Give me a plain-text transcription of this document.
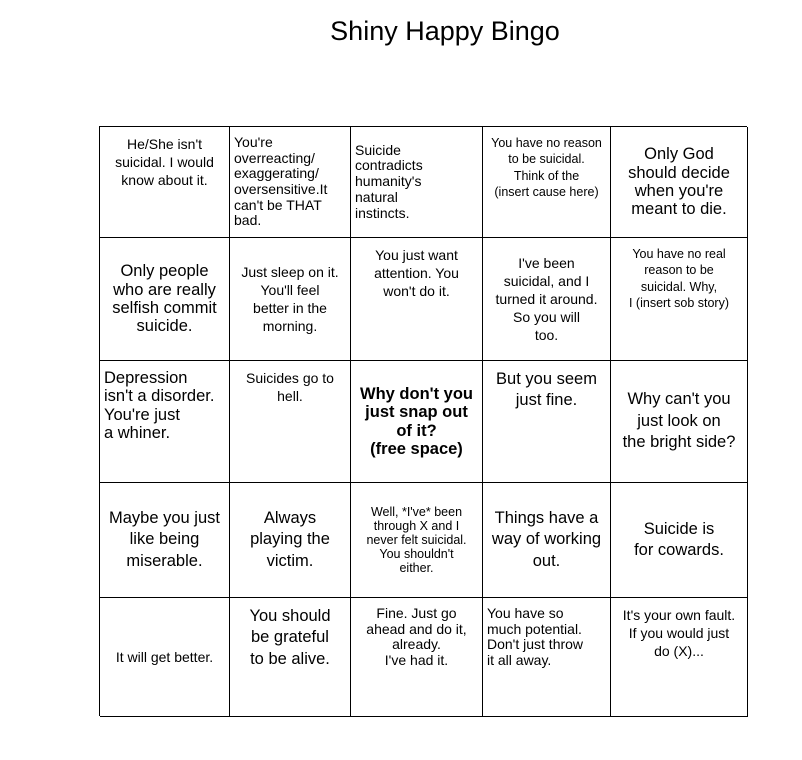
Shiny Happy Bingo
He/She isn't
suicidal. I would
know about it.
You're
overreacting/
exaggerating/
oversensitive.It
can't be THAT
bad.
Suicide
contradicts
humanity's
natural
instincts.
You have no reason
to be suicidal.
Think of the
(insert cause here)
Only God
should decide
when you're
meant to die.
Only people
who are really
selfish commit
suicide.
Just sleep on it.
You'll feel
better in the
morning.
You just want
attention. You
won't do it.
I've been
suicidal, and I
turned it around.
So you will
too.
You have no real
reason to be
suicidal. Why,
I (insert sob story)
Depression
isn't a disorder.
You're just
a whiner.
Suicides go to
hell.	Why don't you
just snap out
of it?
(free space)
But you seem
just fine.	Why can't you
just look on
the bright side?
Maybe you just
like being
miserable.
Always
playing the
victim.
Well, *I've* been
through X and I
never felt suicidal.
You shouldn't
either.
Things have a
way of working
out.
Suicide is
for cowards.
It will get better.
You should
be grateful
to be alive.
Fine. Just go
ahead and do it,
already.
I've had it.
You have so
much potential.
Don't just throw
it all away.
It's your own fault.
If you would just
do (X)...
